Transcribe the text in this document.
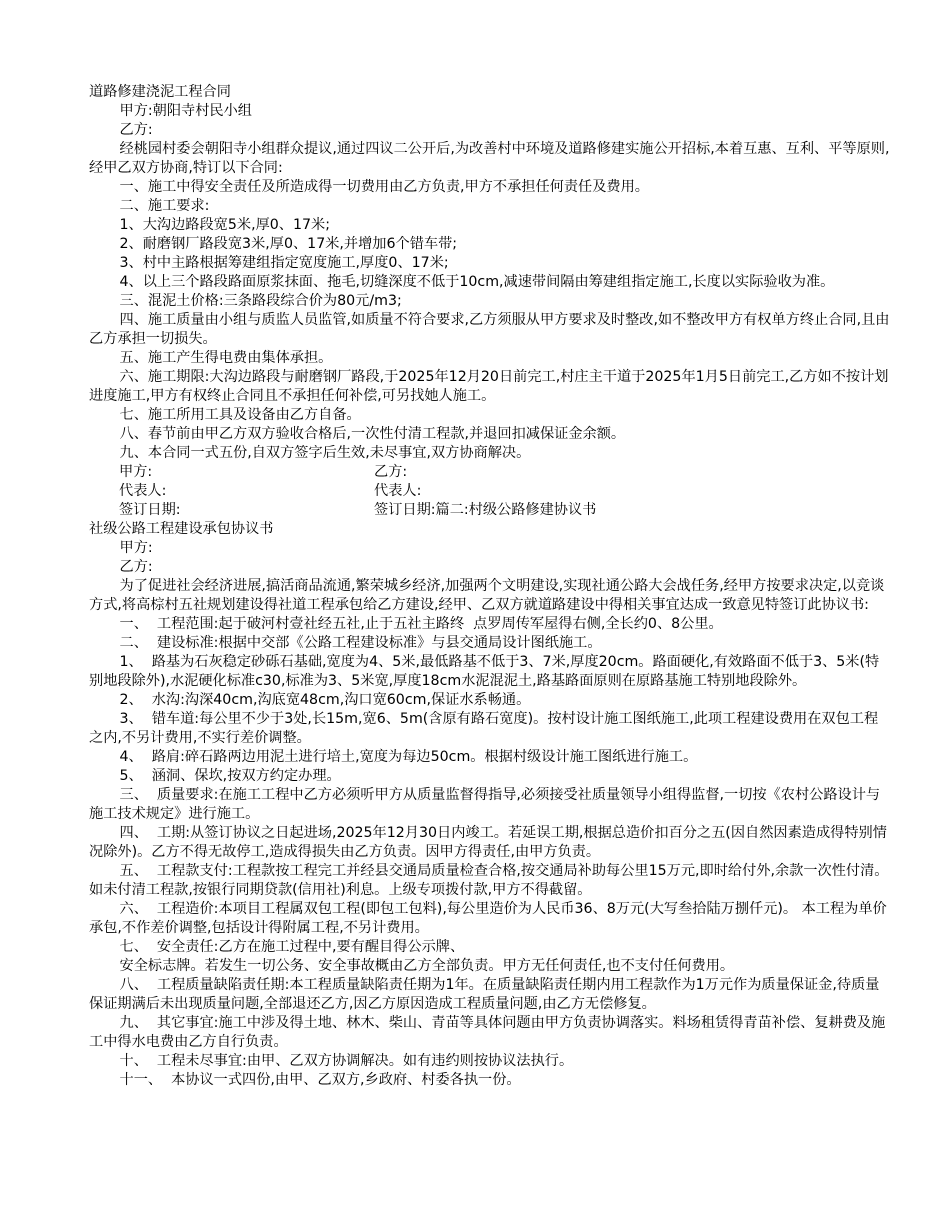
道路修建浇泥工程合同

甲方:朝阳寺村民小组

乙方:

经桃园村委会朝阳寺小组群众提议,通过四议二公开后,为改善村中环境及道路修建实施公开招标,本着互惠、互利、平等原则,经甲乙双方协商,特订以下合同:

一、施工中得安全责任及所造成得一切费用由乙方负责,甲方不承担任何责任及费用。

二、施工要求:

1、大沟边路段宽5米,厚0、17米;

2、耐磨钢厂路段宽3米,厚0、17米,并增加6个错车带;

3、村中主路根据筹建组指定宽度施工,厚度0、17米;

4、以上三个路段路面原浆抹面、拖毛,切缝深度不低于10cm,减速带间隔由筹建组指定施工,长度以实际验收为准。

三、混泥土价格:三条路段综合价为80元/m3;

四、施工质量由小组与质监人员监管,如质量不符合要求,乙方须服从甲方要求及时整改,如不整改甲方有权单方终止合同,且由乙方承担一切损失。

五、施工产生得电费由集体承担。

六、施工期限:大沟边路段与耐磨钢厂路段,于2025年12月20日前完工,村庄主干道于2025年1月5日前完工,乙方如不按计划进度施工,甲方有权终止合同且不承担任何补偿,可另找她人施工。

七、施工所用工具及设备由乙方自备。

八、春节前由甲乙方双方验收合格后,一次性付清工程款,并退回扣减保证金余额。

九、本合同一式五份,自双方签字后生效,未尽事宜,双方协商解决。

甲方:	乙方:
代表人:	代表人:
签订日期:	签订日期:篇二:村级公路修建协议书

社级公路工程建设承包协议书

甲方:

乙方:

为了促进社会经济进展,搞活商品流通,繁荣城乡经济,加强两个文明建设,实现社通公路大会战任务,经甲方按要求决定,以竞谈方式,将高棕村五社规划建设得社道工程承包给乙方建设,经甲、乙双方就道路建设中得相关事宜达成一致意见特签订此协议书:

一、  工程范围:起于破河村壹社经五社,止于五社主路终  点罗周传军屋得右侧,全长约0、8公里。

二、  建设标准:根据中交部《公路工程建设标准》与县交通局设计图纸施工。

1、  路基为石灰稳定砂砾石基础,宽度为4、5米,最低路基不低于3、7米,厚度20cm。路面硬化,有效路面不低于3、5米(特别地段除外),水泥硬化标准c30,标准为3、5米宽,厚度18cm水泥混泥土,路基路面原则在原路基施工特别地段除外。

2、  水沟:沟深40cm,沟底宽48cm,沟口宽60cm,保证水系畅通。

3、  错车道:每公里不少于3处,长15m,宽6、5m(含原有路石宽度)。按村设计施工图纸施工,此项工程建设费用在双包工程之内,不另计费用,不实行差价调整。

4、  路肩:碎石路两边用泥土进行培土,宽度为每边50cm。根据村级设计施工图纸进行施工。

5、  涵洞、保坎,按双方约定办理。

三、  质量要求:在施工工程中乙方必须听甲方从质量监督得指导,必须接受社质量领导小组得监督,一切按《农村公路设计与施工技术规定》进行施工。

四、  工期:从签订协议之日起进场,2025年12月30日内竣工。若延误工期,根据总造价扣百分之五(因自然因素造成得特别情况除外)。乙方不得无故停工,造成得损失由乙方负责。因甲方得责任,由甲方负责。

五、  工程款支付:工程款按工程完工并经县交通局质量检查合格,按交通局补助每公里15万元,即时给付外,余款一次性付清。如未付清工程款,按银行同期贷款(信用社)利息。上级专项拨付款,甲方不得截留。

六、  工程造价:本项目工程属双包工程(即包工包料),每公里造价为人民币36、8万元(大写叁拾陆万捌仟元)。 本工程为单价承包,不作差价调整,包括设计得附属工程,不另计费用。

七、  安全责任:乙方在施工过程中,要有醒目得公示牌、

安全标志牌。若发生一切公务、安全事故概由乙方全部负责。甲方无任何责任,也不支付任何费用。

八、  工程质量缺陷责任期:本工程质量缺陷责任期为1年。在质量缺陷责任期内用工程款作为1万元作为质量保证金,待质量保证期满后未出现质量问题,全部退还乙方,因乙方原因造成工程质量问题,由乙方无偿修复。

九、  其它事宜:施工中涉及得土地、林木、柴山、青苗等具体问题由甲方负责协调落实。料场租赁得青苗补偿、复耕费及施工中得水电费由乙方自行负责。

十、  工程未尽事宜:由甲、乙双方协调解决。如有违约则按协议法执行。

十一、  本协议一式四份,由甲、乙双方,乡政府、村委各执一份。
